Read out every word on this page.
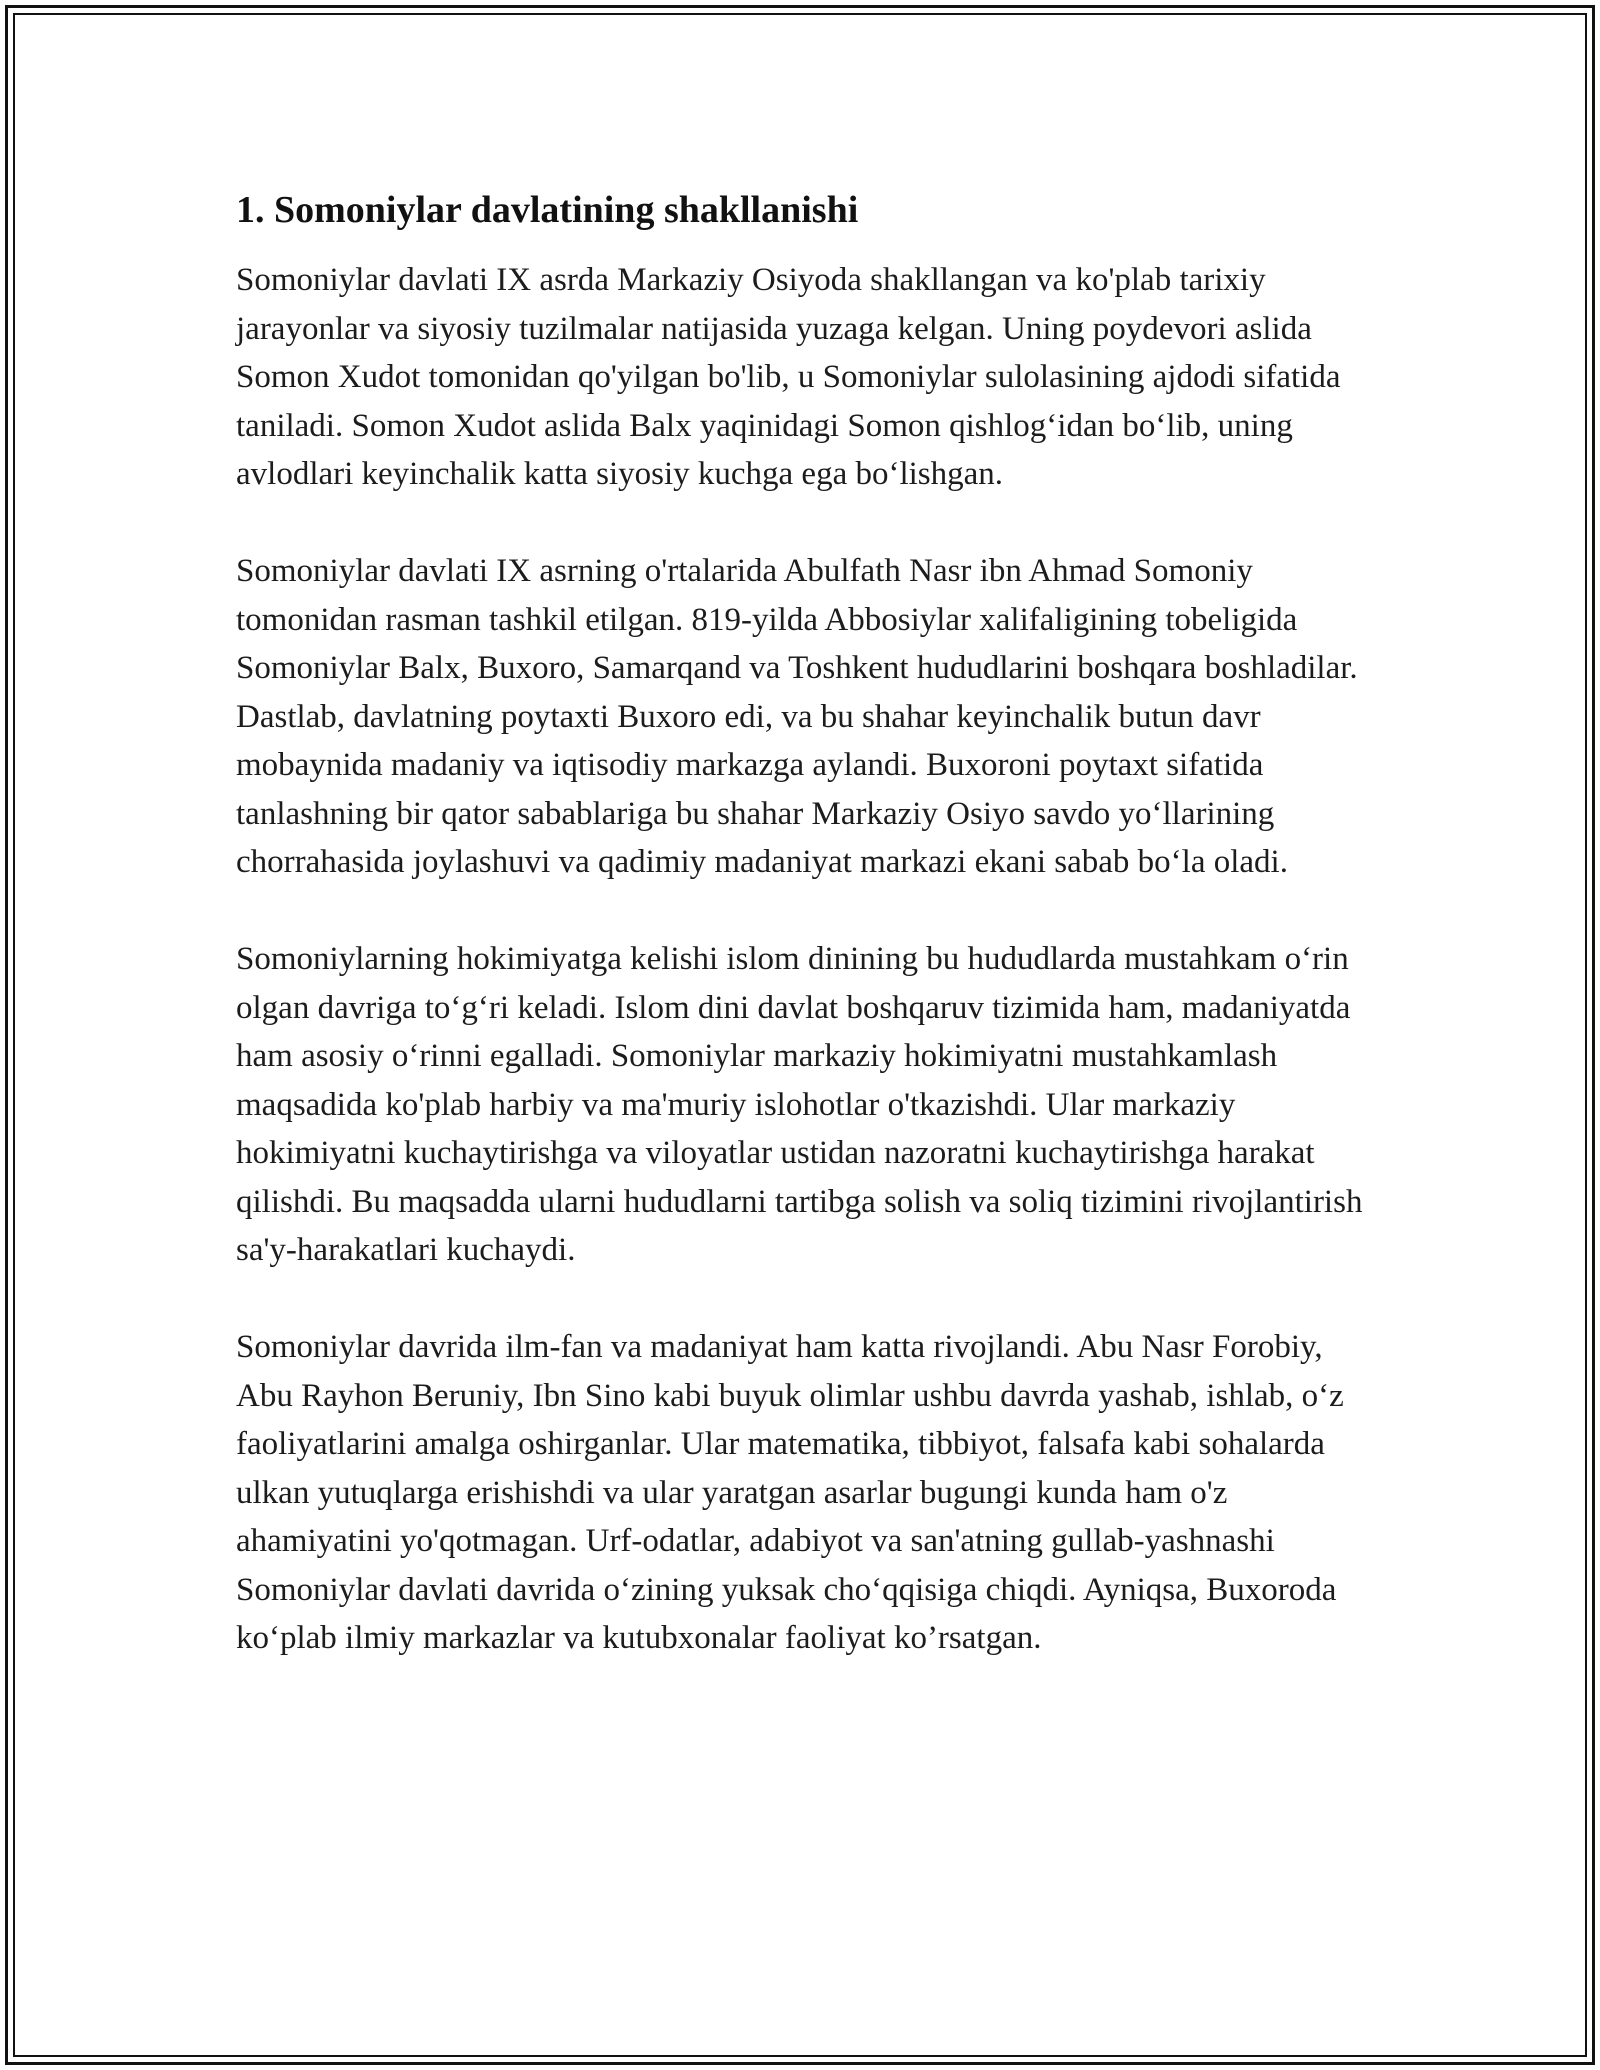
1. Somoniylar davlatining shakllanishi

Somoniylar davlati IX asrda Markaziy Osiyoda shakllangan va ko'plab tarixiy jarayonlar va siyosiy tuzilmalar natijasida yuzaga kelgan. Uning poydevori aslida Somon Xudot tomonidan qo'yilgan bo'lib, u Somoniylar sulolasining ajdodi sifatida taniladi. Somon Xudot aslida Balx yaqinidagi Somon qishlog‘idan bo‘lib, uning avlodlari keyinchalik katta siyosiy kuchga ega bo‘lishgan.

Somoniylar davlati IX asrning o'rtalarida Abulfath Nasr ibn Ahmad Somoniy tomonidan rasman tashkil etilgan. 819-yilda Abbosiylar xalifaligining tobeligida Somoniylar Balx, Buxoro, Samarqand va Toshkent hududlarini boshqara boshladilar. Dastlab, davlatning poytaxti Buxoro edi, va bu shahar keyinchalik butun davr mobaynida madaniy va iqtisodiy markazga aylandi. Buxoroni poytaxt sifatida tanlashning bir qator sabablariga bu shahar Markaziy Osiyo savdo yo‘llarining chorrahasida joylashuvi va qadimiy madaniyat markazi ekani sabab bo‘la oladi.

Somoniylarning hokimiyatga kelishi islom dinining bu hududlarda mustahkam o‘rin olgan davriga to‘g‘ri keladi. Islom dini davlat boshqaruv tizimida ham, madaniyatda ham asosiy o‘rinni egalladi. Somoniylar markaziy hokimiyatni mustahkamlash maqsadida ko'plab harbiy va ma'muriy islohotlar o'tkazishdi. Ular markaziy hokimiyatni kuchaytirishga va viloyatlar ustidan nazoratni kuchaytirishga harakat qilishdi. Bu maqsadda ularni hududlarni tartibga solish va soliq tizimini rivojlantirish sa'y-harakatlari kuchaydi.

Somoniylar davrida ilm-fan va madaniyat ham katta rivojlandi. Abu Nasr Forobiy, Abu Rayhon Beruniy, Ibn Sino kabi buyuk olimlar ushbu davrda yashab, ishlab, o‘z faoliyatlarini amalga oshirganlar. Ular matematika, tibbiyot, falsafa kabi sohalarda ulkan yutuqlarga erishishdi va ular yaratgan asarlar bugungi kunda ham o'z ahamiyatini yo'qotmagan. Urf-odatlar, adabiyot va san'atning gullab-yashnashi Somoniylar davlati davrida o‘zining yuksak cho‘qqisiga chiqdi. Ayniqsa, Buxoroda ko‘plab ilmiy markazlar va kutubxonalar faoliyat ko’rsatgan.
